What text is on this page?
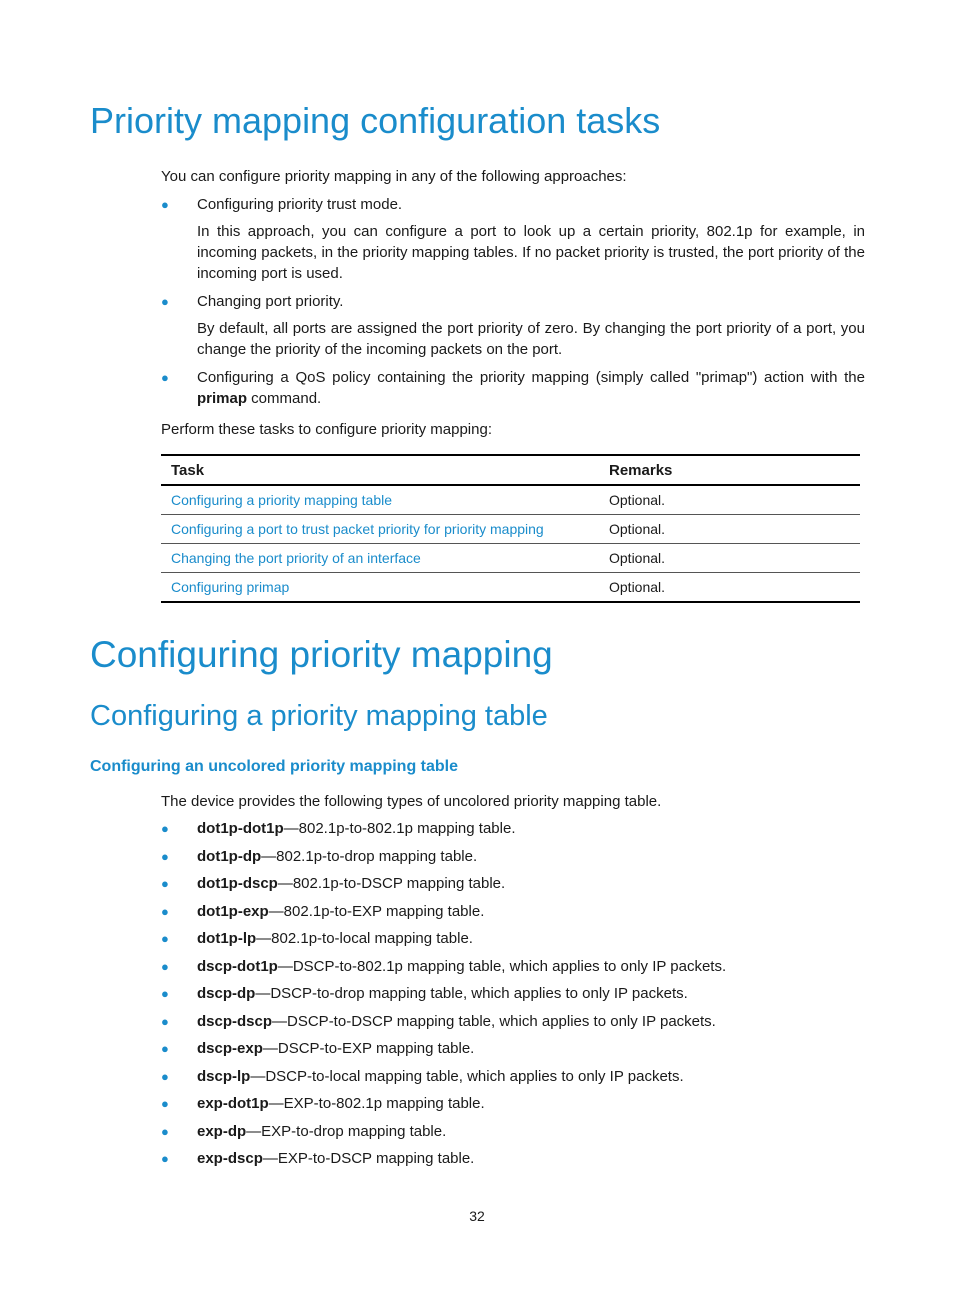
Priority mapping configuration tasks

You can configure priority mapping in any of the following approaches:

● Configuring priority trust mode.

In this approach, you can configure a port to look up a certain priority, 802.1p for example, in incoming packets, in the priority mapping tables. If no packet priority is trusted, the port priority of the incoming port is used.

● Changing port priority.

By default, all ports are assigned the port priority of zero. By changing the port priority of a port, you change the priority of the incoming packets on the port.

● Configuring a QoS policy containing the priority mapping (simply called "primap") action with the primap command.

Perform these tasks to configure priority mapping:

Task	Remarks
Configuring a priority mapping table	Optional.
Configuring a port to trust packet priority for priority mapping	Optional.
Changing the port priority of an interface	Optional.
Configuring primap	Optional.
Configuring priority mapping
Configuring a priority mapping table
Configuring an uncolored priority mapping table

The device provides the following types of uncolored priority mapping table.

● dot1p-dot1p—802.1p-to-802.1p mapping table.
● dot1p-dp—802.1p-to-drop mapping table.
● dot1p-dscp—802.1p-to-DSCP mapping table.
● dot1p-exp—802.1p-to-EXP mapping table.
● dot1p-lp—802.1p-to-local mapping table.
● dscp-dot1p—DSCP-to-802.1p mapping table, which applies to only IP packets.
● dscp-dp—DSCP-to-drop mapping table, which applies to only IP packets.
● dscp-dscp—DSCP-to-DSCP mapping table, which applies to only IP packets.
● dscp-exp—DSCP-to-EXP mapping table.
● dscp-lp—DSCP-to-local mapping table, which applies to only IP packets.
● exp-dot1p—EXP-to-802.1p mapping table.
● exp-dp—EXP-to-drop mapping table.
● exp-dscp—EXP-to-DSCP mapping table.
32
